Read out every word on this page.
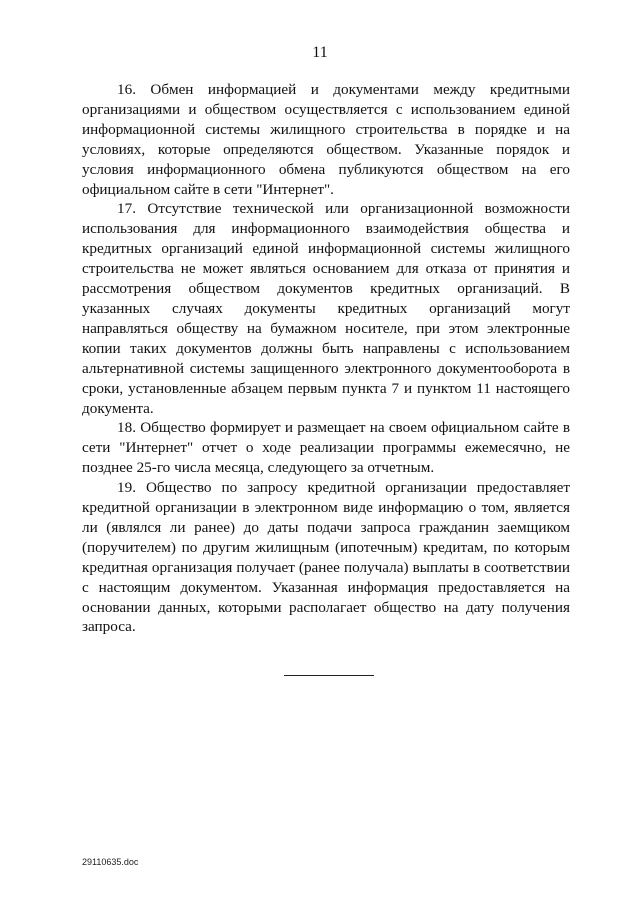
11

16. Обмен информацией и документами между кредитными организациями и обществом осуществляется с использованием единой информационной системы жилищного строительства в порядке и на условиях, которые определяются обществом. Указанные порядок и условия информационного обмена публикуются обществом на его официальном сайте в сети "Интернет".

17. Отсутствие технической или организационной возможности использования для информационного взаимодействия общества и кредитных организаций единой информационной системы жилищного строительства не может являться основанием для отказа от принятия и рассмотрения обществом документов кредитных организаций. В указанных случаях документы кредитных организаций могут направляться обществу на бумажном носителе, при этом электронные копии таких документов должны быть направлены с использованием альтернативной системы защищенного электронного документооборота в сроки, установленные абзацем первым пункта 7 и пунктом 11 настоящего документа.

18. Общество формирует и размещает на своем официальном сайте в сети "Интернет" отчет о ходе реализации программы ежемесячно, не позднее 25-го числа месяца, следующего за отчетным.

19. Общество по запросу кредитной организации предоставляет кредитной организации в электронном виде информацию о том, является ли (являлся ли ранее) до даты подачи запроса гражданин заемщиком (поручителем) по другим жилищным (ипотечным) кредитам, по которым кредитная организация получает (ранее получала) выплаты в соответствии с настоящим документом. Указанная информация предоставляется на основании данных, которыми располагает общество на дату получения запроса.

29110635.doc
